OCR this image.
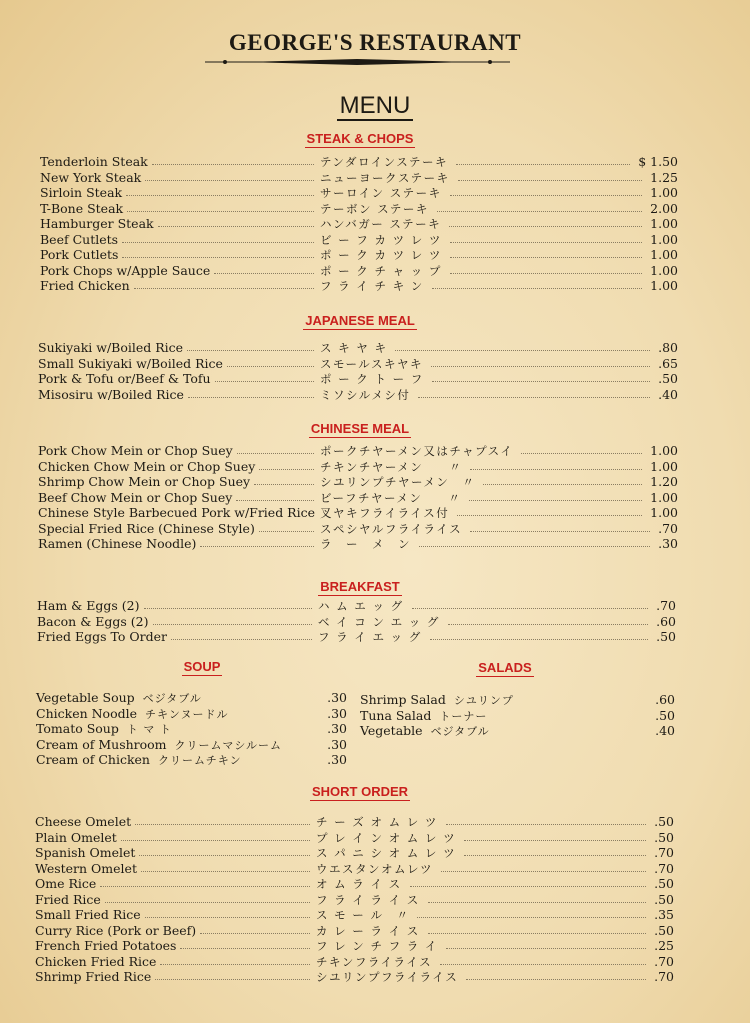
GEORGE'S RESTAURANT
MENU
STEAK & CHOPS
Tenderloin Steak	テンダロインステーキ	$ 1.50
New York Steak	ニューヨークステーキ	1.25
Sirloin Steak	サーロイン ステーキ	1.00
T-Bone Steak	テーボン ステーキ	2.00
Hamburger Steak	ハンバガー ステーキ	1.00
Beef Cutlets	ビ ー フ カ ツ レ ツ	1.00
Pork Cutlets	ポ ー ク カ ツ レ ツ	1.00
Pork Chops w/Apple Sauce	ポ ー ク チ ャ ッ プ	1.00
Fried Chicken	フ ラ イ チ キ ン	1.00
JAPANESE MEAL
Sukiyaki w/Boiled Rice	ス キ ヤ キ	.80
Small Sukiyaki w/Boiled Rice	スモールスキヤキ	.65
Pork & Tofu or/Beef & Tofu	ポ ー ク ト ー フ	.50
Misosiru w/Boiled Rice	ミソシルメシ付	.40
CHINESE MEAL
Pork Chow Mein or Chop Suey	ポークチヤーメン又はチャプスイ	1.00
Chicken Chow Mein or Chop Suey	チキンチヤーメン　　〃	1.00
Shrimp Chow Mein or Chop Suey	シユリンプチヤーメン　〃	1.20
Beef Chow Mein or Chop Suey	ビーフチヤーメン　　〃	1.00
Chinese Style Barbecued Pork w/Fried Rice 叉ヤキフライライス付	1.00
Special Fried Rice (Chinese Style)	スペシヤルフライライス	.70
Ramen (Chinese Noodle)	ラ　ー　メ　ン	.30
BREAKFAST
Ham & Eggs (2)	ハ ム エ ッ グ	.70
Bacon & Eggs (2)	ベ イ コ ン エ ッ グ	.60
Fried Eggs To Order	フ ラ イ エ ッ グ	.50
SOUP
Vegetable Soup ベジタブル	.30
Chicken Noodle チキンヌードル	.30
Tomato Soup ト マ ト	.30
Cream of Mushroom クリームマシルーム	.30
Cream of Chicken クリームチキン	.30
SALADS
Shrimp Salad シユリンプ	.60
Tuna Salad トーナー	.50
Vegetable ベジタブル	.40
SHORT ORDER
Cheese Omelet	チ ー ズ オ ム レ ツ	.50
Plain Omelet	プ レ イ ン オ ム レ ツ	.50
Spanish Omelet	ス パ ニ シ オ ム レ ツ	.70
Western Omelet	ウエスタンオムレツ	.70
Ome Rice	オ ム ラ イ ス	.50
Fried Rice	フ ラ イ ラ イ ス	.50
Small Fried Rice	ス モ ー ル　〃	.35
Curry Rice (Pork or Beef)	カ レ ー ラ イ ス	.50
French Fried Potatoes	フ レ ン チ フ ラ イ	.25
Chicken Fried Rice	チキンフライライス	.70
Shrimp Fried Rice	シユリンプフライライス	.70
